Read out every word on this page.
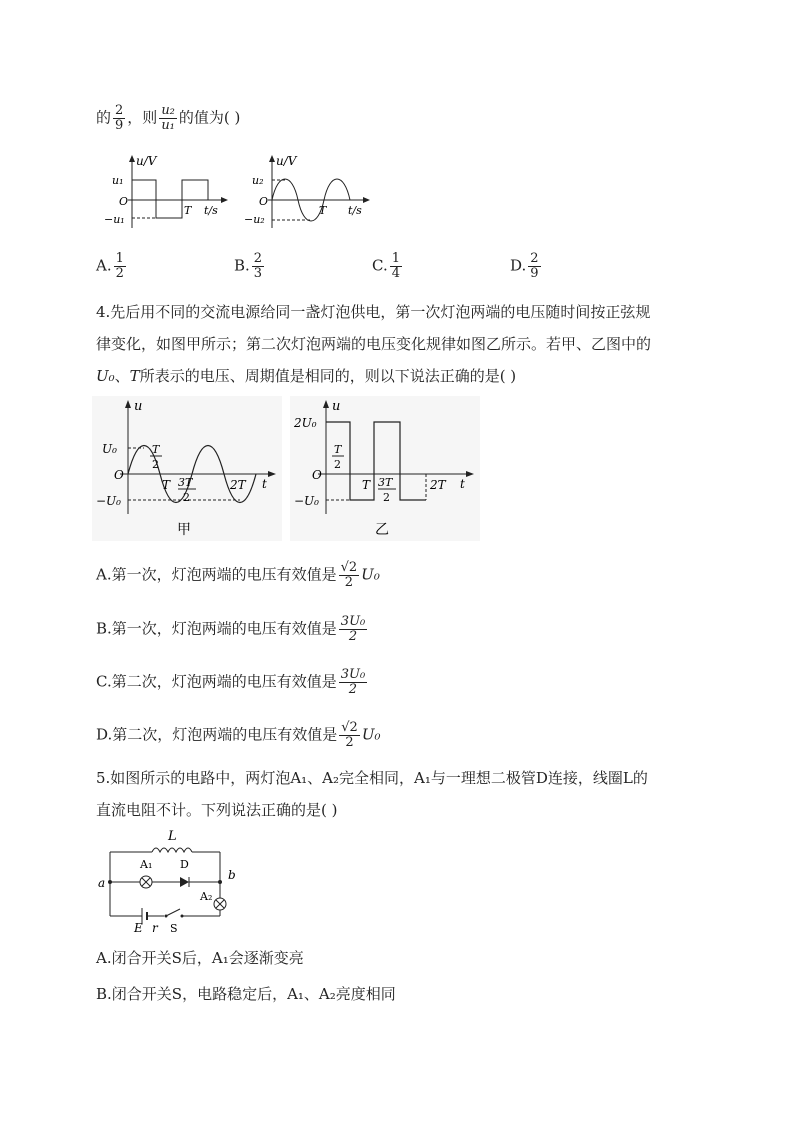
的 $\frac{2}{9}$ ，则 $\frac{\text{u₂}}{\text{u₁}}$ 的值为( )
u/V
u₁
O
−u₁
T t/s
u/V
u₂
O
−u₂
T t/s
A. $\frac{1}{2}$	B. $\frac{2}{3}$	C. $\frac{1}{4}$	D. $\frac{2}{9}$
4.先后用不同的交流电源给同一盏灯泡供电，第一次灯泡两端的电压随时间按正弦规
律变化，如图甲所示；第二次灯泡两端的电压变化规律如图乙所示。若甲、乙图中的
U₀、T所表示的电压、周期值是相同的，则以下说法正确的是( )
u
U₀
O
−U₀
T
2
T 3T
2
2T t
甲
u
2U₀
O
−U₀
T
2
T 3T
2
2T t
乙
A.第一次，灯泡两端的电压有效值是 $\frac{√2}{2} U_0$
B.第一次，灯泡两端的电压有效值是 $\frac{\text{3U₀}}{2}$
C.第二次，灯泡两端的电压有效值是 $\frac{\text{3U₀}}{2}$
D.第二次，灯泡两端的电压有效值是 $\frac{√2}{2} U_0$
5.如图所示的电路中，两灯泡A₁、A₂完全相同，A₁与一理想二极管D连接，线圈L的
直流电阻不计。下列说法正确的是( )
L
A₁	D
a
b
A₂
E r S
A.闭合开关S后，A₁会逐渐变亮
B.闭合开关S，电路稳定后，A₁、A₂亮度相同
